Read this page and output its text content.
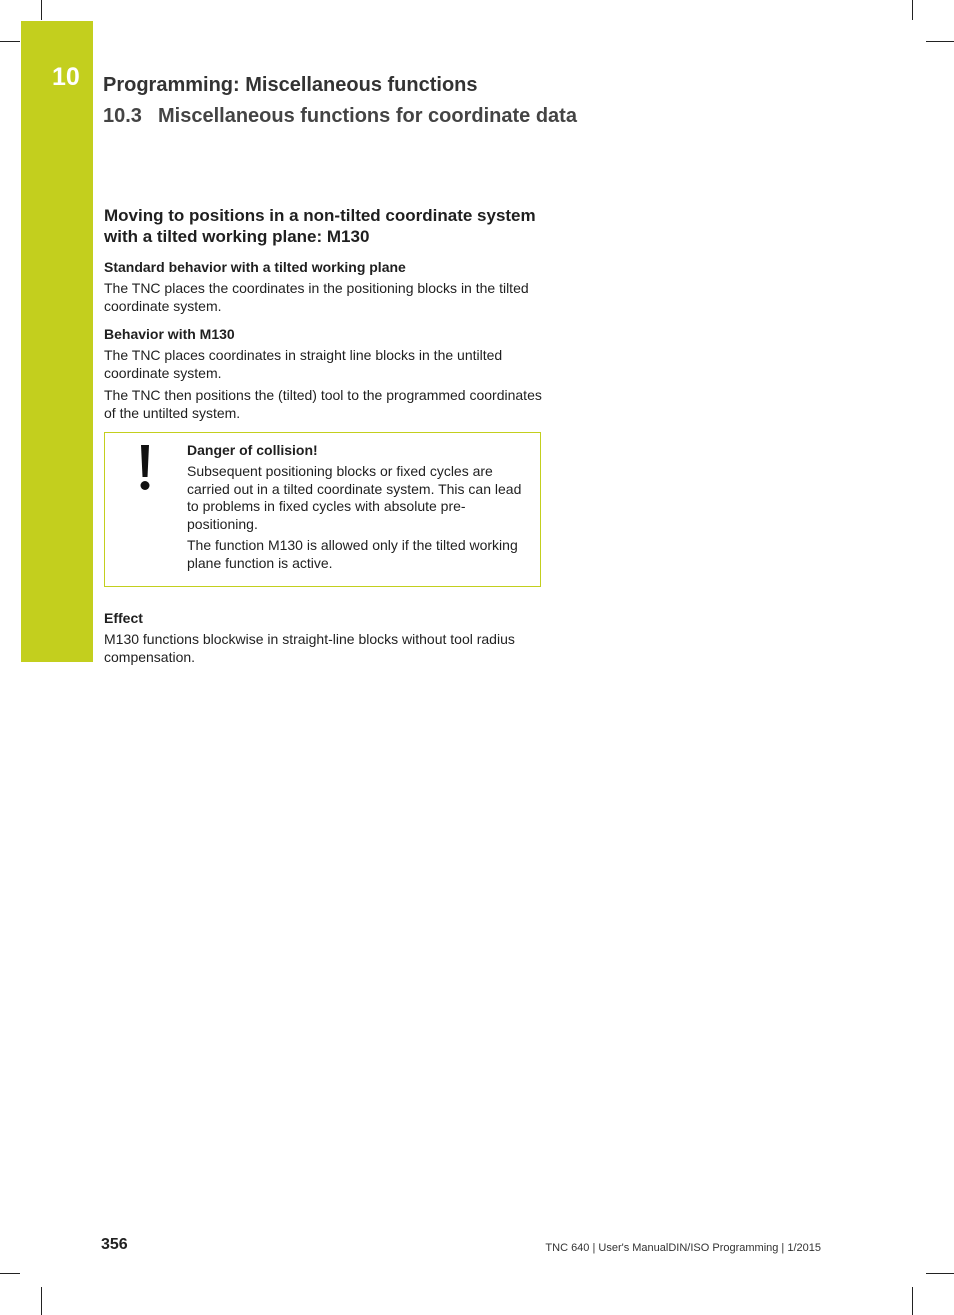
10	Programming: Miscellaneous functions
10.3 Miscellaneous functions for coordinate data
Moving to positions in a non-tilted coordinate system with a tilted working plane: M130
Standard behavior with a tilted working plane

The TNC places the coordinates in the positioning blocks in the tilted coordinate system.

Behavior with M130

The TNC places coordinates in straight line blocks in the untilted coordinate system.

The TNC then positions the (tilted) tool to the programmed coordinates of the untilted system.

Danger of collision!

Subsequent positioning blocks or fixed cycles are carried out in a tilted coordinate system. This can lead to problems in fixed cycles with absolute pre-positioning.

The function M130 is allowed only if the tilted working plane function is active.

Effect

M130 functions blockwise in straight-line blocks without tool radius compensation.

356	TNC 640 | User's ManualDIN/ISO Programming | 1/2015
